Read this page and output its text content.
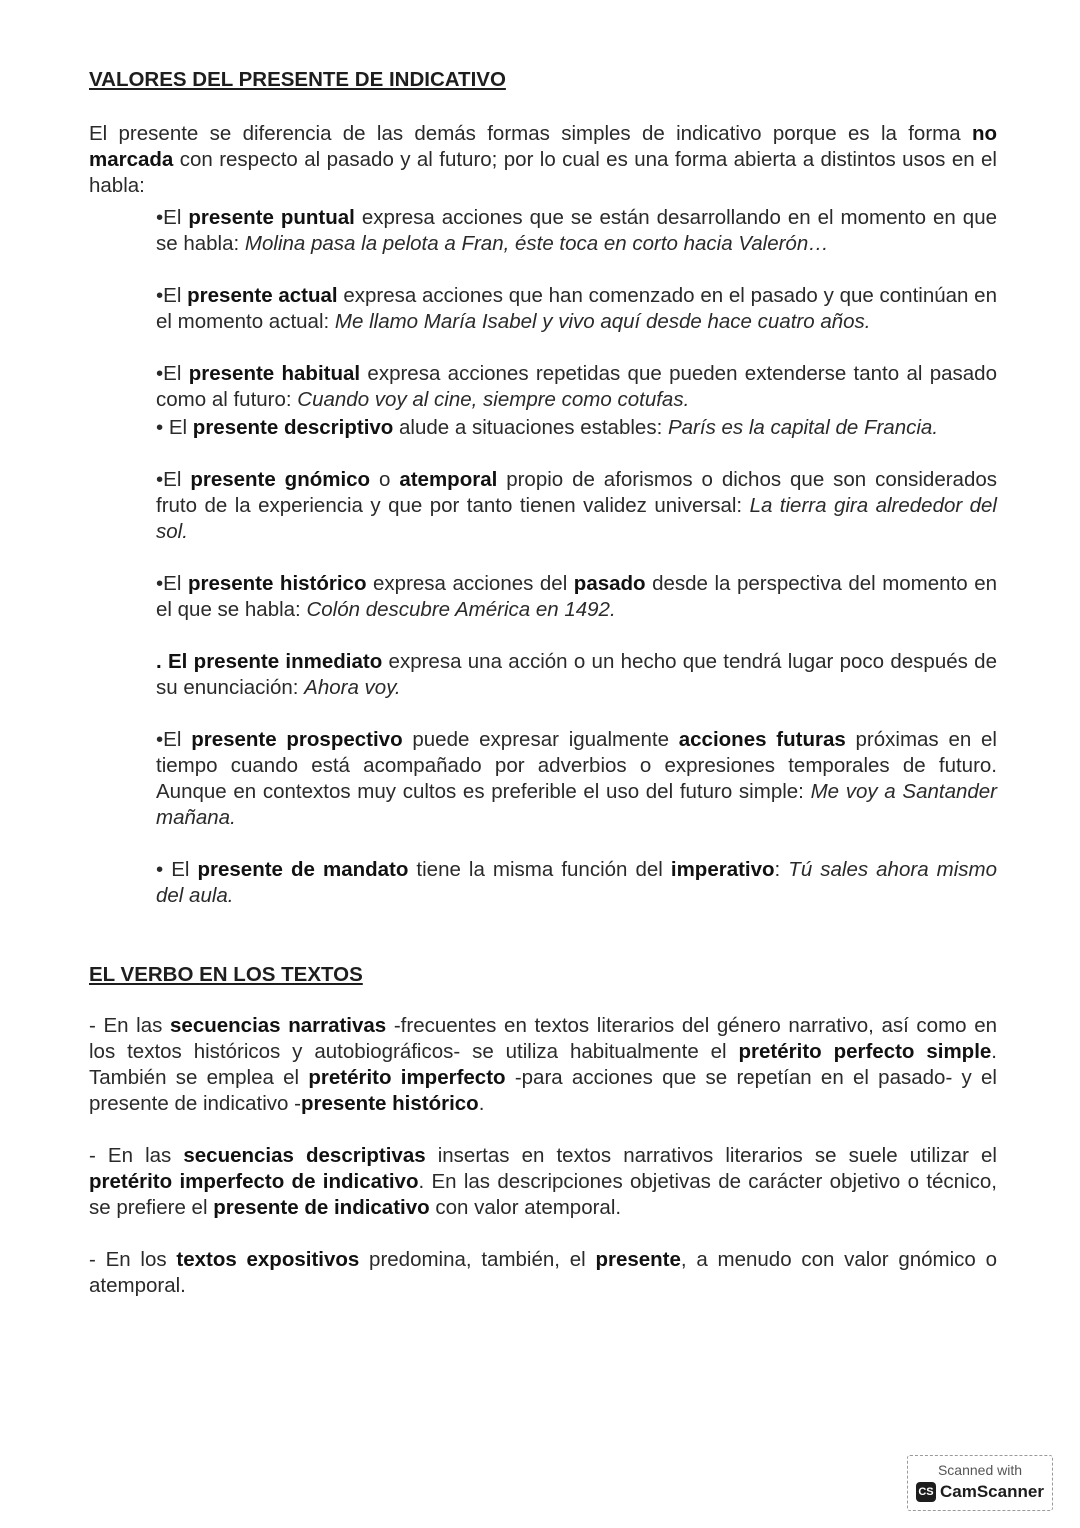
VALORES DEL PRESENTE DE INDICATIVO

El presente se diferencia de las demás formas simples de indicativo porque es la forma no marcada con respecto al pasado y al futuro; por lo cual es una forma abierta a distintos usos en el habla:

•El presente puntual expresa acciones que se están desarrollando en el momento en que se habla: Molina pasa la pelota a Fran, éste toca en corto hacia Valerón…

•El presente actual expresa acciones que han comenzado en el pasado y que continúan en el momento actual: Me llamo María Isabel y vivo aquí desde hace cuatro años.

•El presente habitual expresa acciones repetidas que pueden extenderse tanto al pasado como al futuro: Cuando voy al cine, siempre como cotufas.

• El presente descriptivo alude a situaciones estables: París es la capital de Francia.

•El presente gnómico o atemporal propio de aforismos o dichos que son considerados fruto de la experiencia y que por tanto tienen validez universal: La tierra gira alrededor del sol.

•El presente histórico expresa acciones del pasado desde la perspectiva del momento en el que se habla: Colón descubre América en 1492.

. El presente inmediato expresa una acción o un hecho que tendrá lugar poco después de su enunciación: Ahora voy.

•El presente prospectivo puede expresar igualmente acciones futuras próximas en el tiempo cuando está acompañado por adverbios o expresiones temporales de futuro. Aunque en contextos muy cultos es preferible el uso del futuro simple: Me voy a Santander mañana.

• El presente de mandato tiene la misma función del imperativo: Tú sales ahora mismo del aula.

EL VERBO EN LOS TEXTOS

- En las secuencias narrativas -frecuentes en textos literarios del género narrativo, así como en los textos históricos y autobiográficos- se utiliza habitualmente el pretérito perfecto simple. También se emplea el pretérito imperfecto -para acciones que se repetían en el pasado- y el presente de indicativo -presente histórico.

- En las secuencias descriptivas insertas en textos narrativos literarios se suele utilizar el pretérito imperfecto de indicativo. En las descripciones objetivas de carácter objetivo o técnico, se prefiere el presente de indicativo con valor atemporal.

- En los textos expositivos predomina, también, el presente, a menudo con valor gnómico o atemporal.

Scanned with
CS CamScanner
